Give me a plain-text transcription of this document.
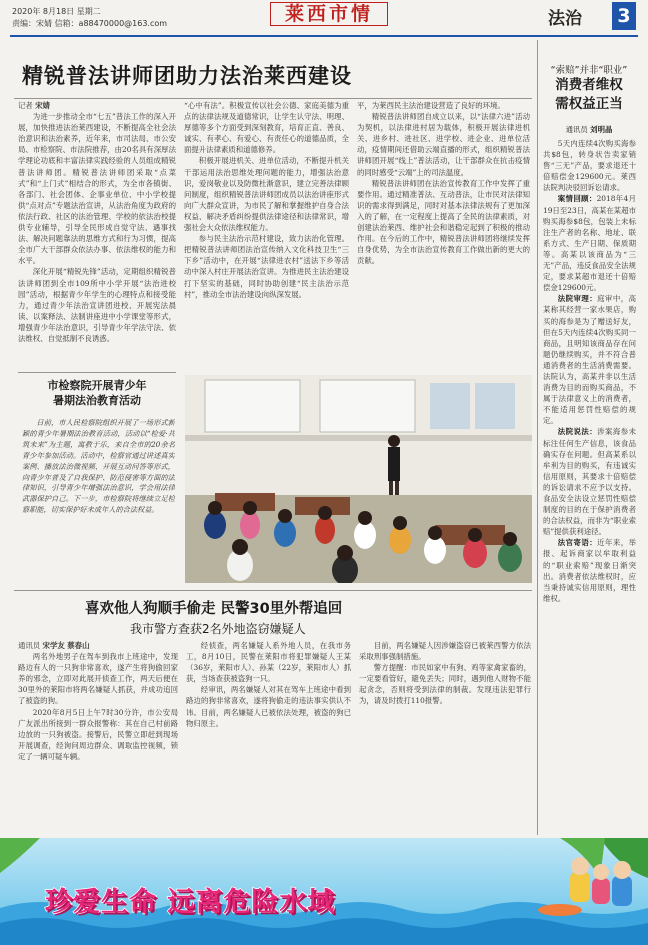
2020年 8月18日 星期二
责编：宋婧 信箱：a88470000@163.com	莱西市情	法治 3
精锐普法讲师团助力法治莱西建设
记者 宋婧

为进一步推动全市“七五”普法工作的深入开展，加快推进法治莱西建设，不断提高全社会法治意识和法治素养，近年来，市司法局、市公安局、市检察院、市法院推荐，由20名具有深厚法学理论功底和丰富法律实践经验的人员组成精锐普法讲师团。精锐普法讲师团采取“点菜式”和“上门式”相结合的形式，为全市各镇街、各部门、社会团体、企事业单位、中小学校提供“点对点”专题法治宣讲，从法治角度为政府的依法行政、社区的法治管理、学校的依法治校提供专业辅导，引导全民形成自觉守法、遇事找法、解决问题靠法的思维方式和行为习惯，提高全市广大干部群众依法办事、依法维权的能力和水平。

深化开展“精锐先锋”活动，定期组织精锐普法讲师团到全市109所中小学开展“法治进校园”活动，根据青少年学生的心理特点和接受能力，通过青少年法治宣讲团进校、开展宪法晨读、以案释法、法制讲座进中小学课堂等形式，增强青少年法治意识，引导青少年学法守法、依法维权、自觉抵制不良诱惑。

“心中有法”。积极宣传以社会公德、家庭美德为重点的法律法规及道德常识，让学生认守法、明理、厚德等多个方面受到深刻教育，培育正直、善良、诚实、有孝心、有爱心、有责任心的道德品质，全面提升法律素质和道德修养。

积极开展进机关、进单位活动，不断提升机关干部运用法治思维处理问题的能力，增强法治意识，爱岗敬业以及防微杜渐意识，建立完善法律顾问制度，组织精锐普法讲师团成员以法治讲座形式向广大群众宣讲，为市民了解和掌握维护自身合法权益、解决矛盾纠纷提供法律途径和法律常识，增强社会大众依法维权能力。

参与民主法治示范村建设，致力法治化管理。把精锐普法讲师团法治宣传纳入文化科技卫生“三下乡”活动中，在开展“法律进农村”送法下乡等活动中深入村庄开展法治宣讲。为推进民主法治建设打下坚实的基础，同时协助创建“民主法治示范村”，推动全市法治建设向纵深发展。

平，为莱西民主法治建设营造了良好的环境。

精锐普法讲师团自成立以来，以“法律六进”活动为契机，以法律进村居为载体，积极开展法律进机关、进乡村、进社区、进学校、进企业、进单位活动，疫情期间还借助云端直播的形式，组织精锐普法讲师团开展“线上”普法活动，让干部群众在抗击疫情的同时感受“云端”上的司法温度。

精锐普法讲师团在法治宣传教育工作中发挥了重要作用。通过精准普法、互动普法，让市民对法律知识的需求得到满足，同时对基本法律法规有了更加深入的了解，在一定程度上提高了全民的法律素质，对创建法治莱西、维护社会和谐稳定起到了积极的推动作用。在今后的工作中，精锐普法讲师团将继续发挥自身优势，为全市法治宣传教育工作做出新的更大的贡献。

“索赔”并非“职业”
消费者维权
需权益正当
通讯员 刘明晶

5天内连续4次购买海参共$8包，转身状告卖家销售“三无”产品，要求退还十倍赔偿金129600元。莱西法院判决驳回诉讼请求。

案情回顾：2018年4月19日至23日，高某在某超市购买海参$8包，包装上未标注生产者的名称、地址、联系方式、生产日期、保质期等。高某以该商品为“三无”产品，违反食品安全法规定，要求某超市退还十倍赔偿金129600元。

法院审理：庭审中，高某称其经营一家水果店，购买的海参是为了赠送好友，但在5天内连续4次购买同一商品，且明知该商品存在问题仍继续购买，并不符合普通消费者的生活消费需要。法院认为，高某并非以生活消费为目的而购买商品，不属于法律意义上的消费者，不能适用惩罚性赔偿的规定。

法院说法：涉案海参未标注任何生产信息，该食品确实存在问题。但高某系以牟利为目的购买，有违诚实信用原则，其要求十倍赔偿的诉讼请求不应予以支持。食品安全法设立惩罚性赔偿制度的目的在于保护消费者的合法权益，而非为“职业索赔”提供获利途径。

法官寄语：近年来，举报、起诉商家以牟取利益的“职业索赔”现象日渐突出。消费者依法维权时，应当秉持诚实信用原则，理性维权。

市检察院开展青少年
暑期法治教育活动

日前，市人民检察院组织开展了一场形式新颖的青少年暑期法治教育活动，活动以“检爱·共筑未来”为主题，寓教于乐，来自全市的20余名青少年参加活动。活动中，检察官通过讲述真实案例、播放法治微视频、开展互动问答等形式，向青少年普及了自我保护、防范侵害等方面的法律知识，引导青少年增强法治意识，学会用法律武器保护自己。下一步，市检察院将继续立足检察职能，切实保护好未成年人的合法权益。

喜欢他人狗顺手偷走 民警30里外帮追回
我市警方查获2名外地盗窃嫌疑人
通讯员 宋学友 蔡春山

两名外地男子在驾车到我市上班途中，发现路边有人的一只狗非常喜欢，遂产生将狗偷回家养的邪念，立即对此展开侦查工作，两天后便在30里外的莱阳市将两名嫌疑人抓获，并成功追回了被盗的狗。

2020年8月5日上午7时30分许，市公安局广友派出所接到一群众报警称：其在自己村前路边放的一只狗被盗。接警后，民警立即赶到现场开展调查，经询问周边群众、调取监控视频，锁定了一辆可疑车辆。

经侦查，两名嫌疑人系外地人员，在我市务工，8月10日，民警在莱阳市将犯罪嫌疑人王某（36岁，莱阳市人）、孙某（22岁，莱阳市人）抓获，当场查获被盗狗一只。

经审讯，两名嫌疑人对其在驾车上班途中看到路边的狗非常喜欢，遂将狗偷走的违法事实供认不讳。目前，两名嫌疑人已被依法处理，被盗的狗已物归原主。

目前，两名嫌疑人因涉嫌盗窃已被莱西警方依法采取刑事强制措施。

警方提醒：市民如家中有狗、鸡等家禽家畜的，一定要看管好，避免丢失；同时，遇到他人财物不能起贪念，否则将受到法律的制裁。发现违法犯罪行为，请及时拨打110报警。

珍爱生命 远离危险水域
